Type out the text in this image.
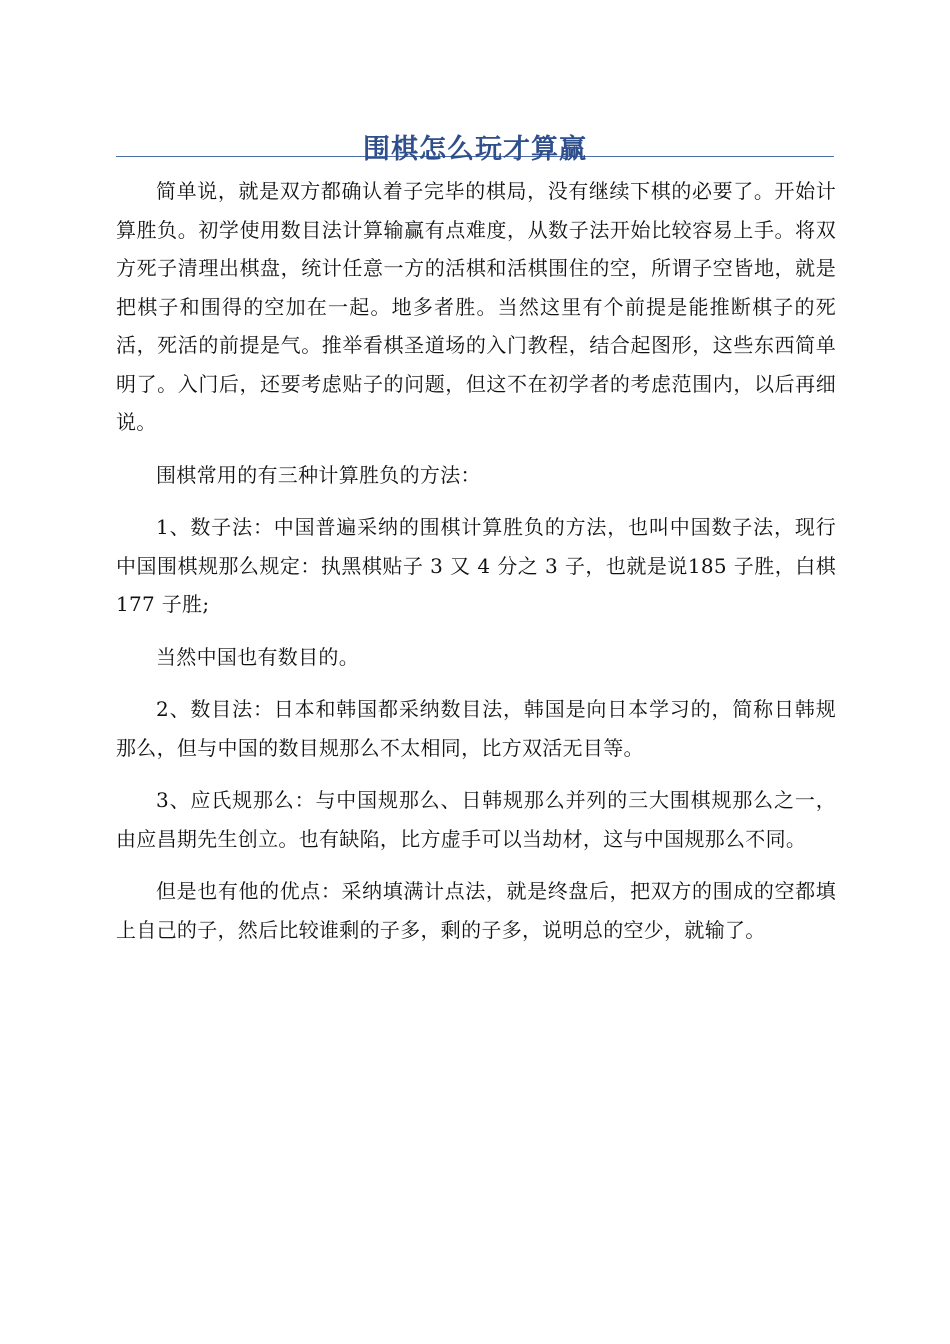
围棋怎么玩才算赢

简单说，就是双方都确认着子完毕的棋局，没有继续下棋的必要了。开始计算胜负。初学使用数目法计算输赢有点难度，从数子法开始比较容易上手。将双方死子清理出棋盘，统计任意一方的活棋和活棋围住的空，所谓子空皆地，就是把棋子和围得的空加在一起。地多者胜。当然这里有个前提是能推断棋子的死活，死活的前提是气。推举看棋圣道场的入门教程，结合起图形，这些东西简单明了。入门后，还要考虑贴子的问题，但这不在初学者的考虑范围内，以后再细说。

围棋常用的有三种计算胜负的方法：

1、数子法：中国普遍采纳的围棋计算胜负的方法，也叫中国数子法，现行中国围棋规那么规定：执黑棋贴子 3 又 4 分之 3 子，也就是说185 子胜，白棋 177 子胜;

当然中国也有数目的。

2、数目法：日本和韩国都采纳数目法，韩国是向日本学习的，简称日韩规那么，但与中国的数目规那么不太相同，比方双活无目等。

3、应氏规那么：与中国规那么、日韩规那么并列的三大围棋规那么之一，由应昌期先生创立。也有缺陷，比方虚手可以当劫材，这与中国规那么不同。

但是也有他的优点：采纳填满计点法，就是终盘后，把双方的围成的空都填上自己的子，然后比较谁剩的子多，剩的子多，说明总的空少，就输了。
